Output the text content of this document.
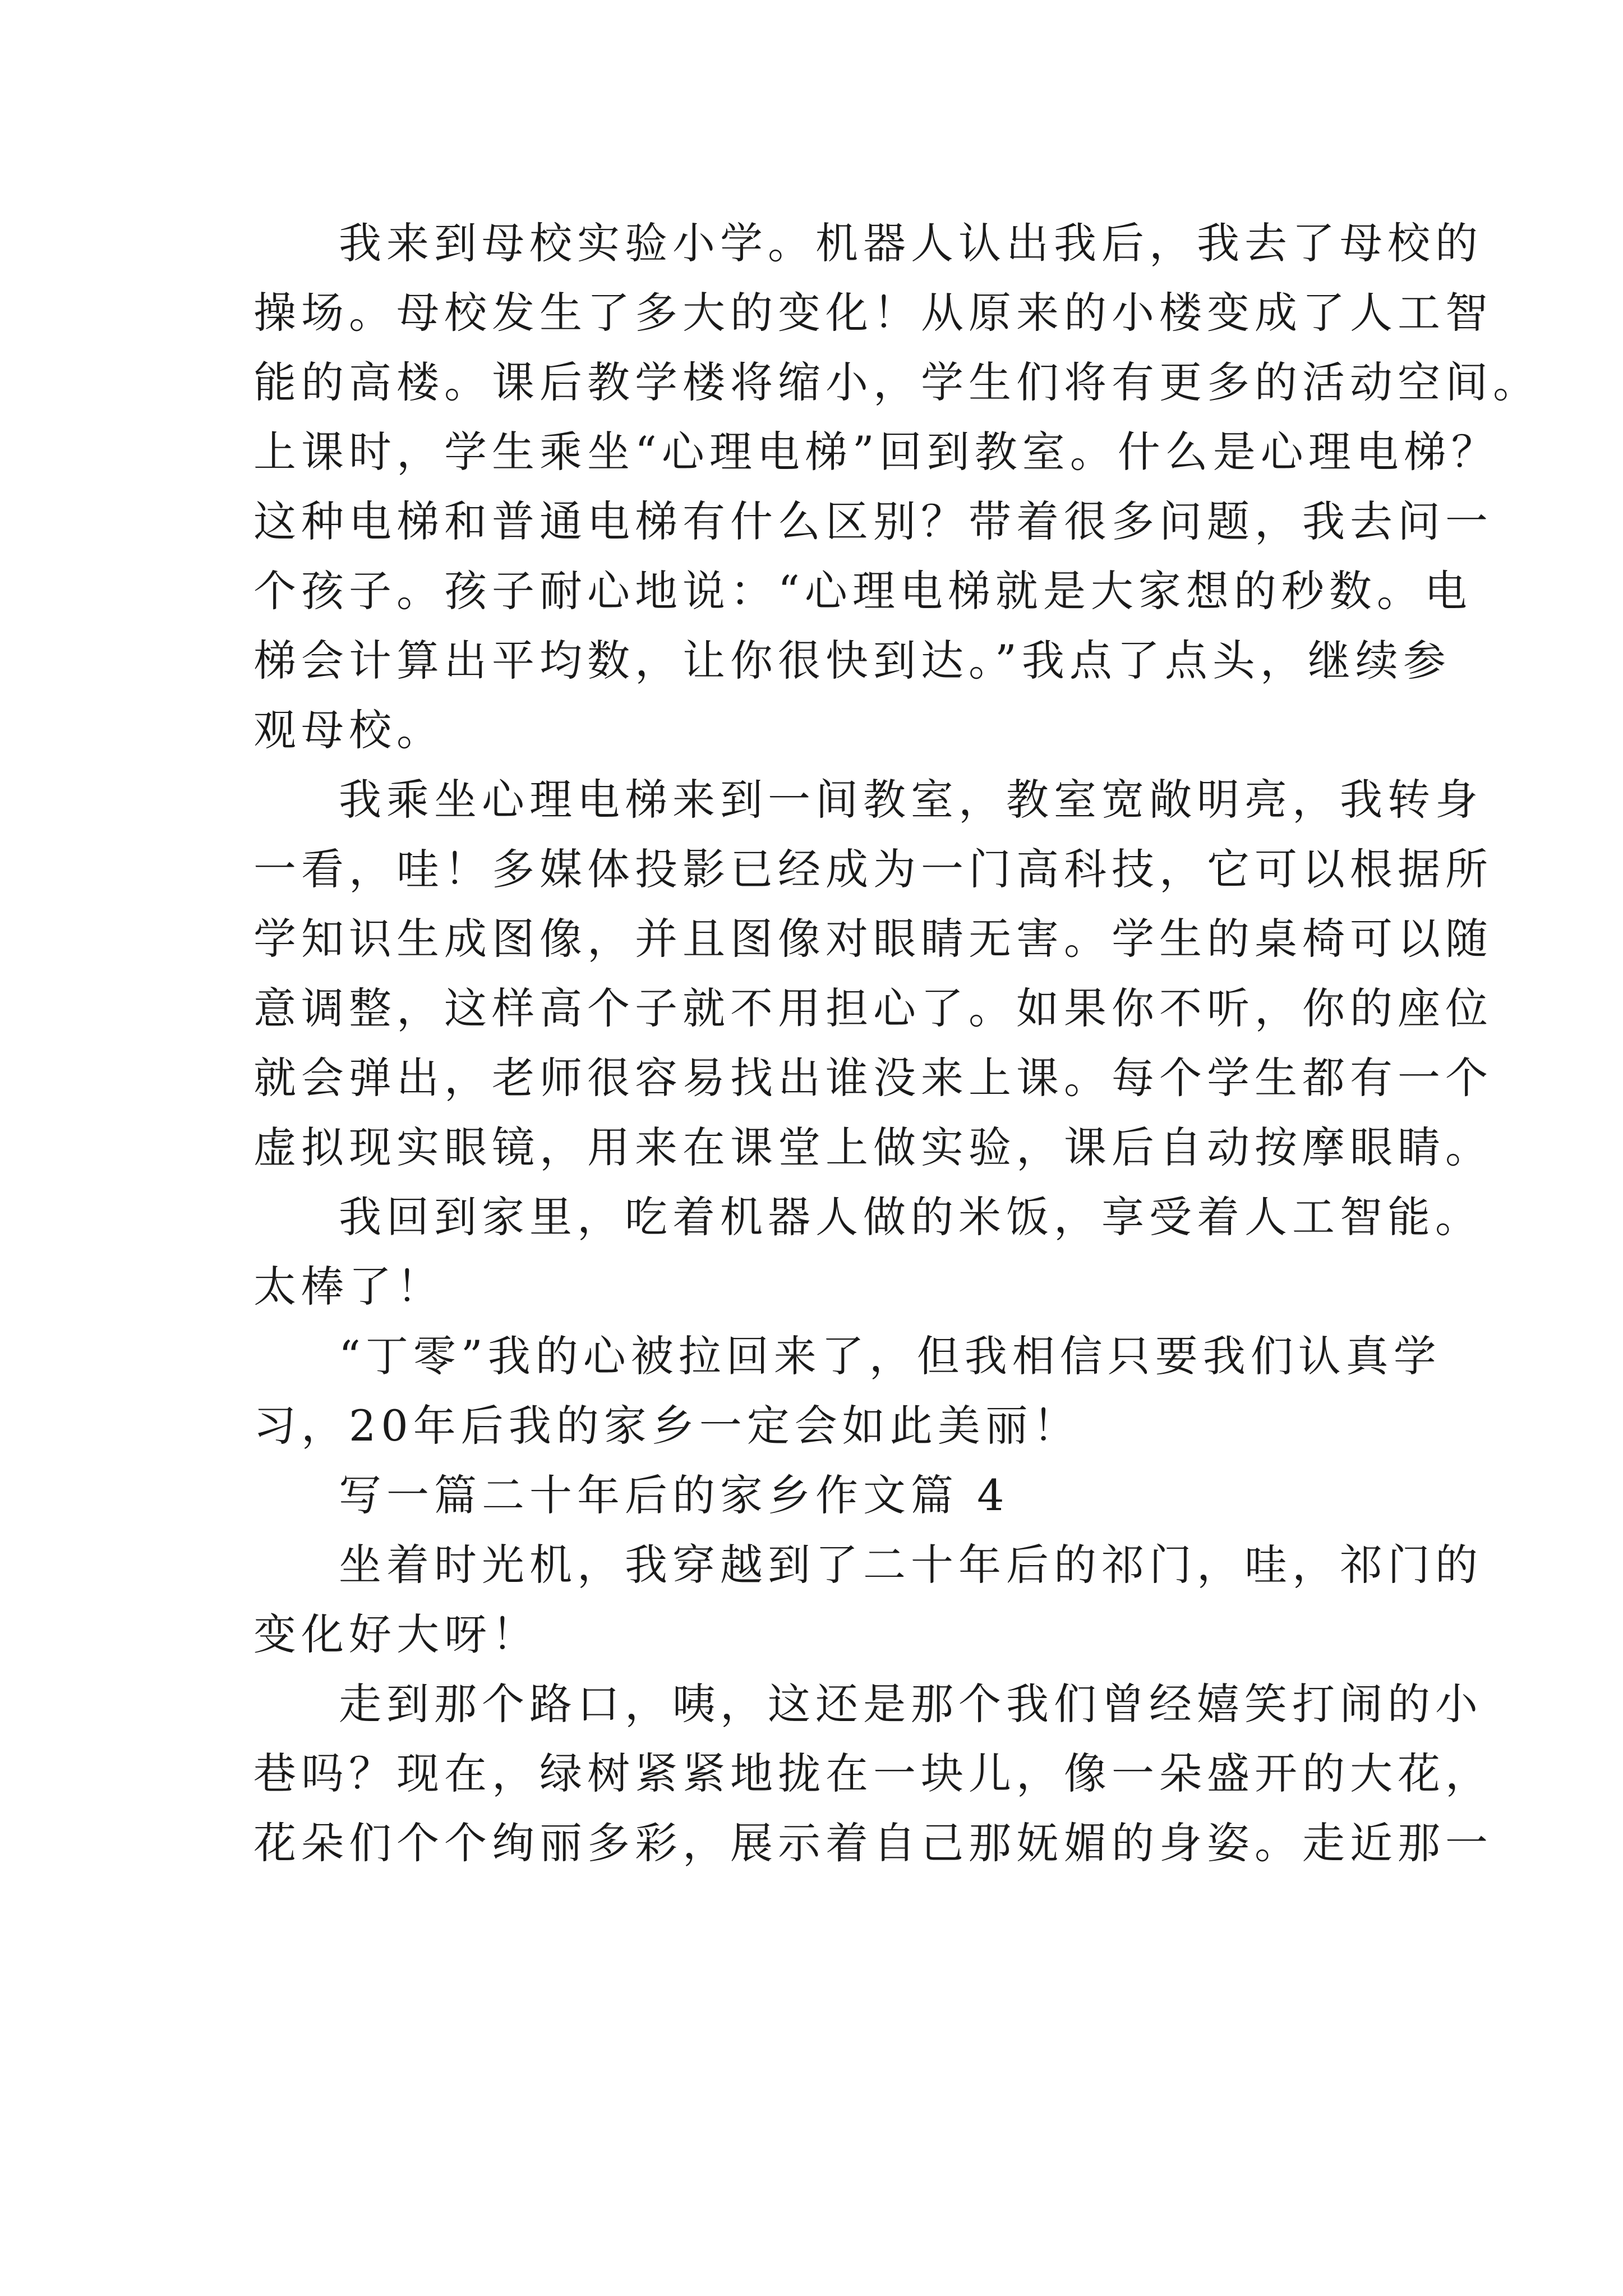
我来到母校实验小学。机器人认出我后，我去了母校的
操场。母校发生了多大的变化！从原来的小楼变成了人工智
能的高楼。课后教学楼将缩小，学生们将有更多的活动空间。
上课时，学生乘坐“心理电梯”回到教室。什么是心理电梯？
这种电梯和普通电梯有什么区别？带着很多问题，我去问一
个孩子。孩子耐心地说：“心理电梯就是大家想的秒数。电
梯会计算出平均数，让你很快到达。”我点了点头，继续参
观母校。
我乘坐心理电梯来到一间教室，教室宽敞明亮，我转身
一看，哇！多媒体投影已经成为一门高科技，它可以根据所
学知识生成图像，并且图像对眼睛无害。学生的桌椅可以随
意调整，这样高个子就不用担心了。如果你不听，你的座位
就会弹出，老师很容易找出谁没来上课。每个学生都有一个
虚拟现实眼镜，用来在课堂上做实验，课后自动按摩眼睛。
我回到家里，吃着机器人做的米饭，享受着人工智能。
太棒了！
“丁零”我的心被拉回来了，但我相信只要我们认真学
习，20年后我的家乡一定会如此美丽！
写一篇二十年后的家乡作文篇 4
坐着时光机，我穿越到了二十年后的祁门，哇，祁门的
变化好大呀！
走到那个路口，咦，这还是那个我们曾经嬉笑打闹的小
巷吗？现在，绿树紧紧地拢在一块儿，像一朵盛开的大花，
花朵们个个绚丽多彩，展示着自己那妩媚的身姿。走近那一
